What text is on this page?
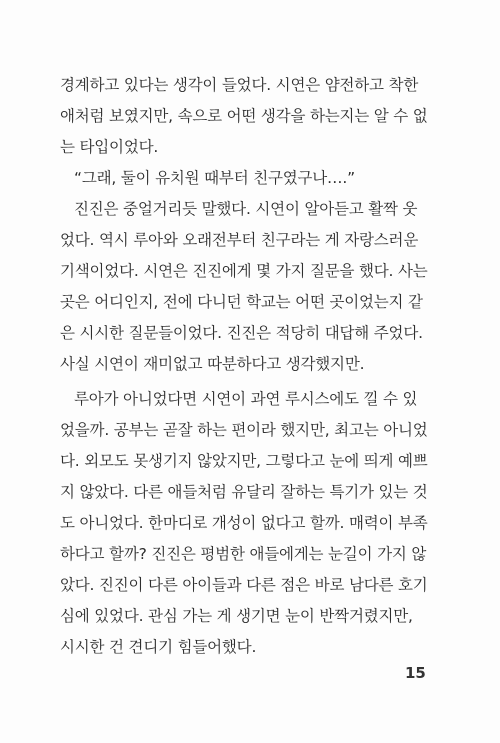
경계하고 있다는 생각이 들었다. 시연은 얌전하고 착한
애처럼 보였지만, 속으로 어떤 생각을 하는지는 알 수 없
는 타입이었다.
“그래, 둘이 유치원 때부터 친구였구나….”
진진은 중얼거리듯 말했다. 시연이 알아듣고 활짝 웃
었다. 역시 루아와 오래전부터 친구라는 게 자랑스러운
기색이었다. 시연은 진진에게 몇 가지 질문을 했다. 사는
곳은 어디인지, 전에 다니던 학교는 어떤 곳이었는지 같
은 시시한 질문들이었다. 진진은 적당히 대답해 주었다.
사실 시연이 재미없고 따분하다고 생각했지만.
루아가 아니었다면 시연이 과연 루시스에도 낄 수 있
었을까. 공부는 곧잘 하는 편이라 했지만, 최고는 아니었
다. 외모도 못생기지 않았지만, 그렇다고 눈에 띄게 예쁘
지 않았다. 다른 애들처럼 유달리 잘하는 특기가 있는 것
도 아니었다. 한마디로 개성이 없다고 할까. 매력이 부족
하다고 할까? 진진은 평범한 애들에게는 눈길이 가지 않
았다. 진진이 다른 아이들과 다른 점은 바로 남다른 호기
심에 있었다. 관심 가는 게 생기면 눈이 반짝거렸지만,
시시한 건 견디기 힘들어했다.
15
